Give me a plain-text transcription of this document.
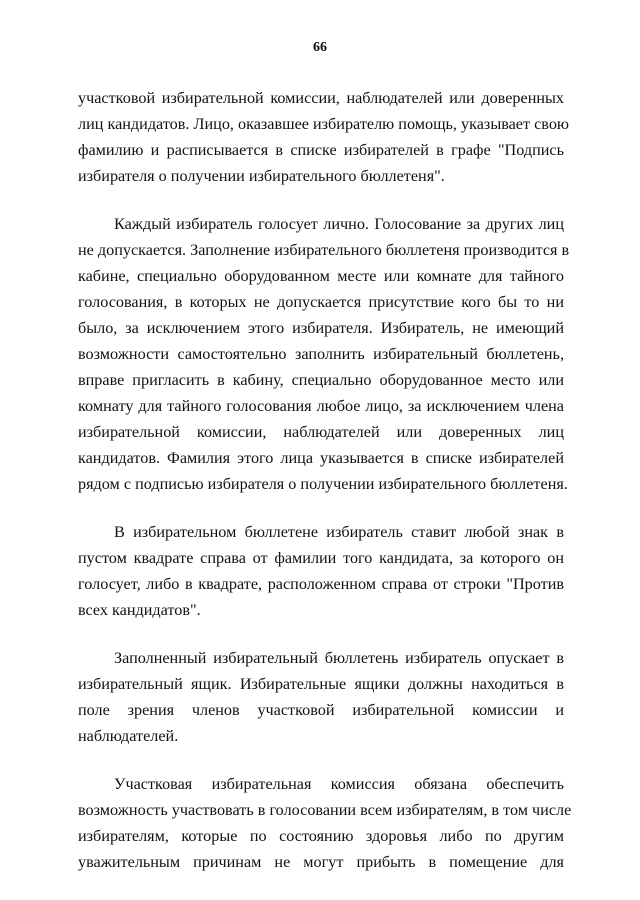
66
участковой избирательной комиссии, наблюдателей или доверенных
лиц кандидатов. Лицо, оказавшее избирателю помощь, указывает свою
фамилию и расписывается в списке избирателей в графе "Подпись
избирателя о получении избирательного бюллетеня".
Каждый избиратель голосует лично. Голосование за других лиц
не допускается. Заполнение избирательного бюллетеня производится в
кабине, специально оборудованном месте или комнате для тайного
голосования, в которых не допускается присутствие кого бы то ни
было, за исключением этого избирателя. Избиратель, не имеющий
возможности самостоятельно заполнить избирательный бюллетень,
вправе пригласить в кабину, специально оборудованное место или
комнату для тайного голосования любое лицо, за исключением члена
избирательной комиссии, наблюдателей или доверенных лиц
кандидатов. Фамилия этого лица указывается в списке избирателей
рядом с подписью избирателя о получении избирательного бюллетеня.
В избирательном бюллетене избиратель ставит любой знак в
пустом квадрате справа от фамилии того кандидата, за которого он
голосует, либо в квадрате, расположенном справа от строки "Против
всех кандидатов".
Заполненный избирательный бюллетень избиратель опускает в
избирательный ящик. Избирательные ящики должны находиться в
поле зрения членов участковой избирательной комиссии и
наблюдателей.
Участковая избирательная комиссия обязана обеспечить
возможность участвовать в голосовании всем избирателям, в том числе
избирателям, которые по состоянию здоровья либо по другим
уважительным причинам не могут прибыть в помещение для
